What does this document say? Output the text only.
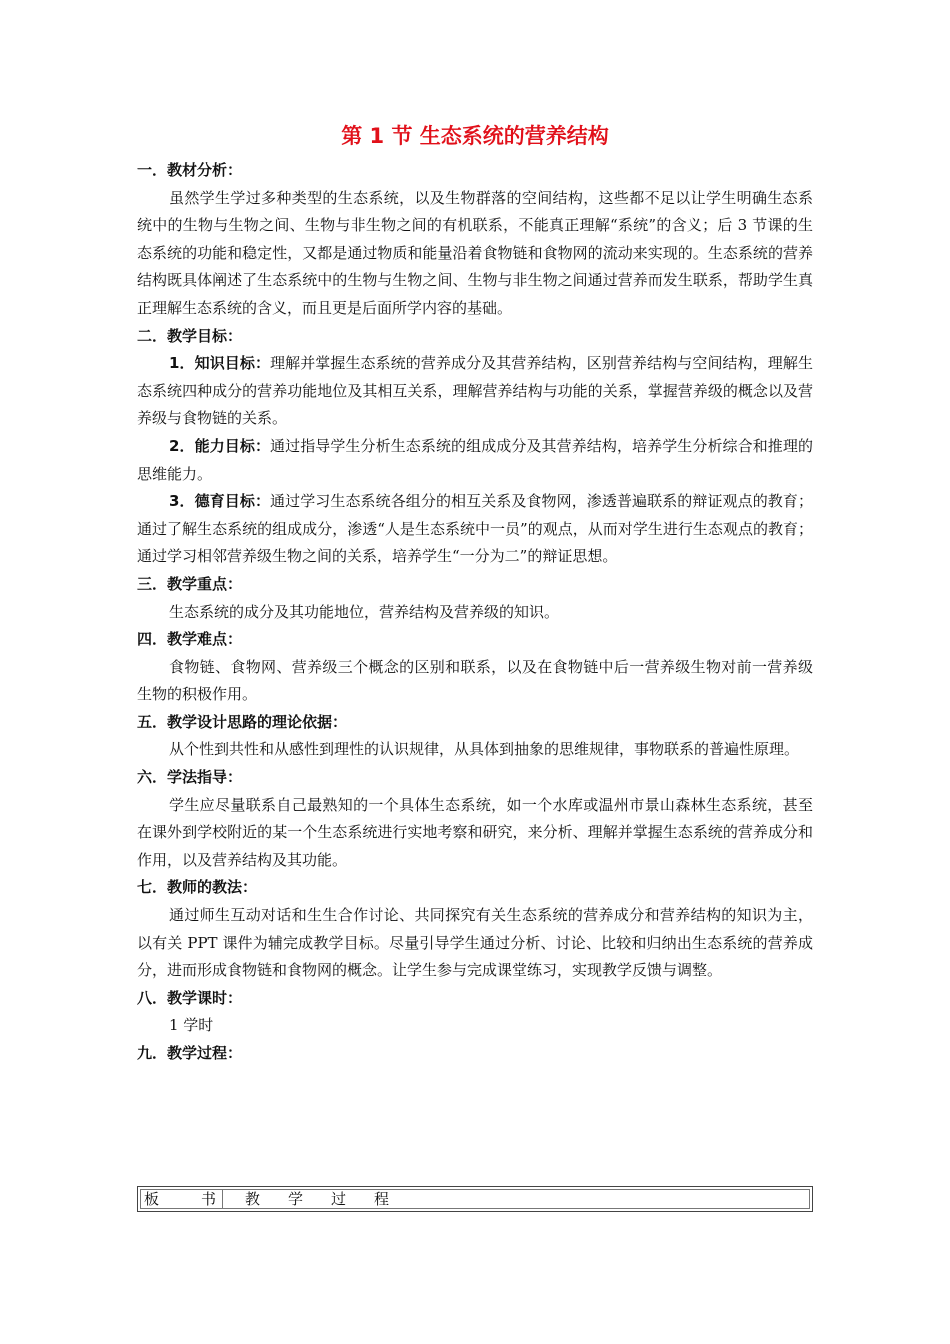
第 1 节 生态系统的营养结构
一．教材分析：

虽然学生学过多种类型的生态系统，以及生物群落的空间结构，这些都不足以让学生明确生态系统中的生物与生物之间、生物与非生物之间的有机联系，不能真正理解“系统”的含义；后 3 节课的生态系统的功能和稳定性，又都是通过物质和能量沿着食物链和食物网的流动来实现的。生态系统的营养结构既具体阐述了生态系统中的生物与生物之间、生物与非生物之间通过营养而发生联系，帮助学生真正理解生态系统的含义，而且更是后面所学内容的基础。

二．教学目标：

1．知识目标：理解并掌握生态系统的营养成分及其营养结构，区别营养结构与空间结构，理解生态系统四种成分的营养功能地位及其相互关系，理解营养结构与功能的关系，掌握营养级的概念以及营养级与食物链的关系。

2．能力目标：通过指导学生分析生态系统的组成成分及其营养结构，培养学生分析综合和推理的思维能力。

3．德育目标：通过学习生态系统各组分的相互关系及食物网，渗透普遍联系的辩证观点的教育；通过了解生态系统的组成成分，渗透“人是生态系统中一员”的观点，从而对学生进行生态观点的教育；通过学习相邻营养级生物之间的关系，培养学生“一分为二”的辩证思想。

三．教学重点：

生态系统的成分及其功能地位，营养结构及营养级的知识。

四．教学难点：

食物链、食物网、营养级三个概念的区别和联系，以及在食物链中后一营养级生物对前一营养级生物的积极作用。

五．教学设计思路的理论依据：

从个性到共性和从感性到理性的认识规律，从具体到抽象的思维规律，事物联系的普遍性原理。

六．学法指导：

学生应尽量联系自己最熟知的一个具体生态系统，如一个水库或温州市景山森林生态系统，甚至在课外到学校附近的某一个生态系统进行实地考察和研究，来分析、理解并掌握生态系统的营养成分和作用，以及营养结构及其功能。

七．教师的教法：

通过师生互动对话和生生合作讨论、共同探究有关生态系统的营养成分和营养结构的知识为主，以有关 PPT 课件为辅完成教学目标。尽量引导学生通过分析、讨论、比较和归纳出生态系统的营养成分，进而形成食物链和食物网的概念。让学生参与完成课堂练习，实现教学反馈与调整。

八．教学课时：

1 学时

九．教学过程：
板	书 教 学 过 程
